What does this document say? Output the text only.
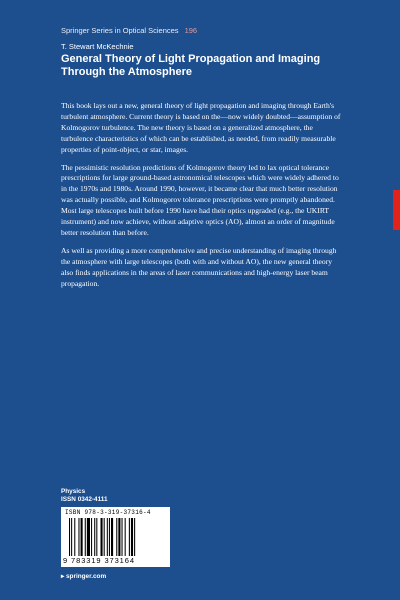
Springer Series in Optical Sciences 196
T. Stewart McKechnie
General Theory of Light Propagation and Imaging Through the Atmosphere

This book lays out a new, general theory of light propagation and imaging through Earth's turbulent atmosphere. Current theory is based on the—now widely doubted—assumption of Kolmogorov turbulence. The new theory is based on a generalized atmosphere, the turbulence characteristics of which can be established, as needed, from readily measurable properties of point-object, or star, images.

The pessimistic resolution predictions of Kolmogorov theory led to lax optical tolerance prescriptions for large ground-based astronomical telescopes which were widely adhered to in the 1970s and 1980s. Around 1990, however, it became clear that much better resolution was actually possible, and Kolmogorov tolerance prescriptions were promptly abandoned. Most large telescopes built before 1990 have had their optics upgraded (e.g., the UKIRT instrument) and now achieve, without adaptive optics (AO), almost an order of magnitude better resolution than before.

As well as providing a more comprehensive and precise understanding of imaging through the atmosphere with large telescopes (both with and without AO), the new general theory also finds applications in the areas of laser communications and high-energy laser beam propagation.

Physics
ISSN 0342-4111
ISBN 978-3-319-37316-4
9 783319 373164
▸ springer.com
